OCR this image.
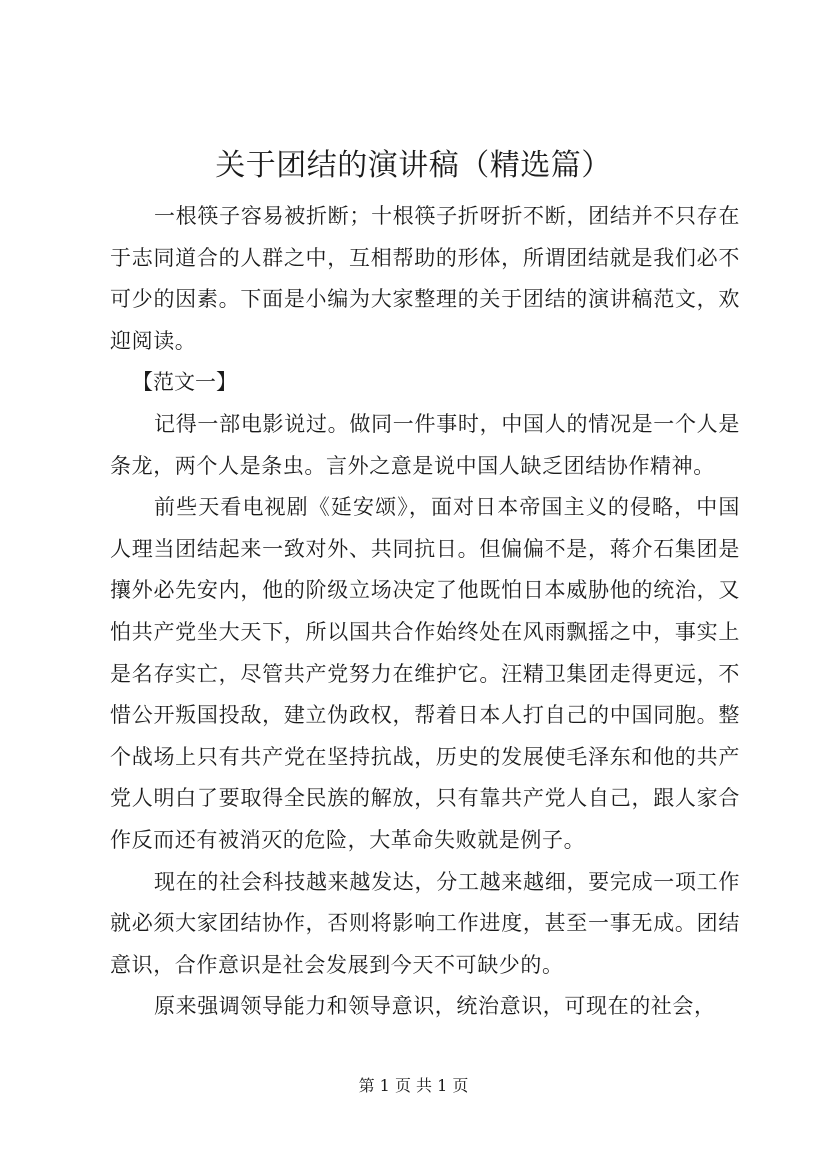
关于团结的演讲稿（精选篇）

一根筷子容易被折断；十根筷子折呀折不断，团结并不只存在于志同道合的人群之中，互相帮助的形体，所谓团结就是我们必不可少的因素。下面是小编为大家整理的关于团结的演讲稿范文，欢迎阅读。

【范文一】

记得一部电影说过。做同一件事时，中国人的情况是一个人是条龙，两个人是条虫。言外之意是说中国人缺乏团结协作精神。

前些天看电视剧《延安颂》，面对日本帝国主义的侵略，中国人理当团结起来一致对外、共同抗日。但偏偏不是，蒋介石集团是攘外必先安内，他的阶级立场决定了他既怕日本威胁他的统治，又怕共产党坐大天下，所以国共合作始终处在风雨飘摇之中，事实上是名存实亡，尽管共产党努力在维护它。汪精卫集团走得更远，不惜公开叛国投敌，建立伪政权，帮着日本人打自己的中国同胞。整个战场上只有共产党在坚持抗战，历史的发展使毛泽东和他的共产党人明白了要取得全民族的解放，只有靠共产党人自己，跟人家合作反而还有被消灭的危险，大革命失败就是例子。

现在的社会科技越来越发达，分工越来越细，要完成一项工作就必须大家团结协作，否则将影响工作进度，甚至一事无成。团结意识，合作意识是社会发展到今天不可缺少的。

原来强调领导能力和领导意识，统治意识，可现在的社会，

第 1 页 共 1 页
